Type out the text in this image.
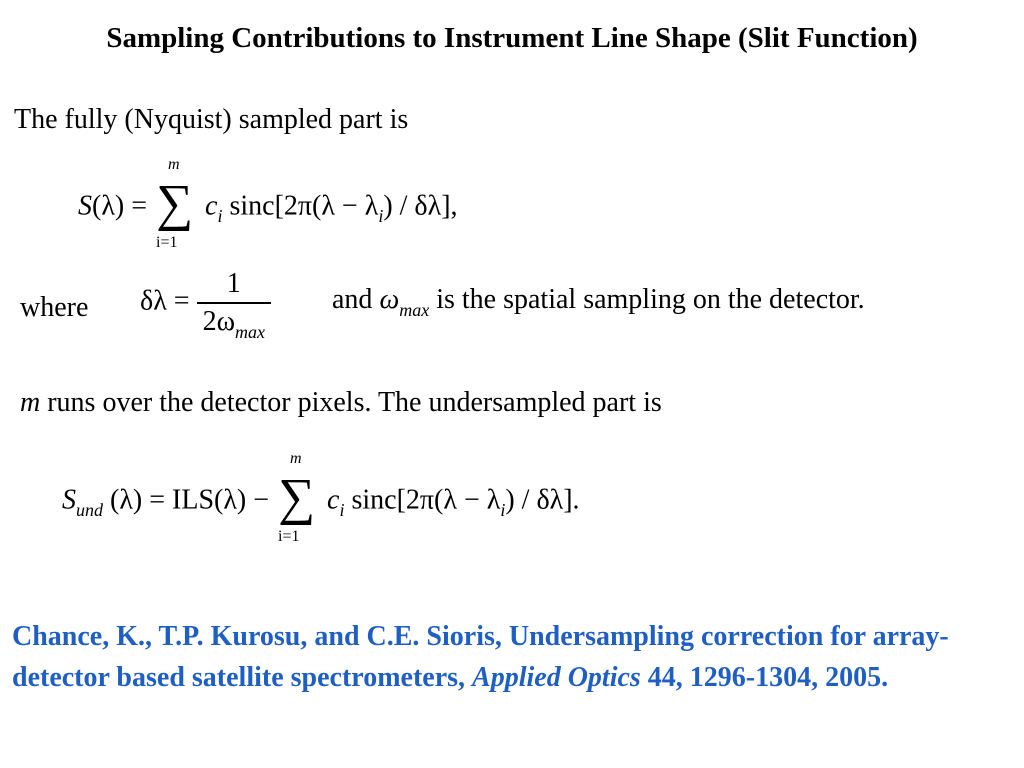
Sampling Contributions to Instrument Line Shape (Slit Function)
The fully (Nyquist) sampled part is
S(λ) =
m
∑
i=1
$c_i$ $\sin c[2\pi(\lambda - \lambda_i) / \delta\lambda]$,
where $\delta\lambda = \frac{1}{2\omega_{max}}$ and $\omega_{max}$ is the spatial sampling on the detector.
m runs over the detector pixels. The undersampled part is
$S_{und}$ (λ) = ILS(λ) −
m
∑
i=1
$c_i$ $\sin c[2\pi(\lambda - \lambda_i) / \delta\lambda]$.
Chance, K., T.P. Kurosu, and C.E. Sioris, Undersampling correction for array-detector based satellite spectrometers, Applied Optics 44, 1296-1304, 2005.
